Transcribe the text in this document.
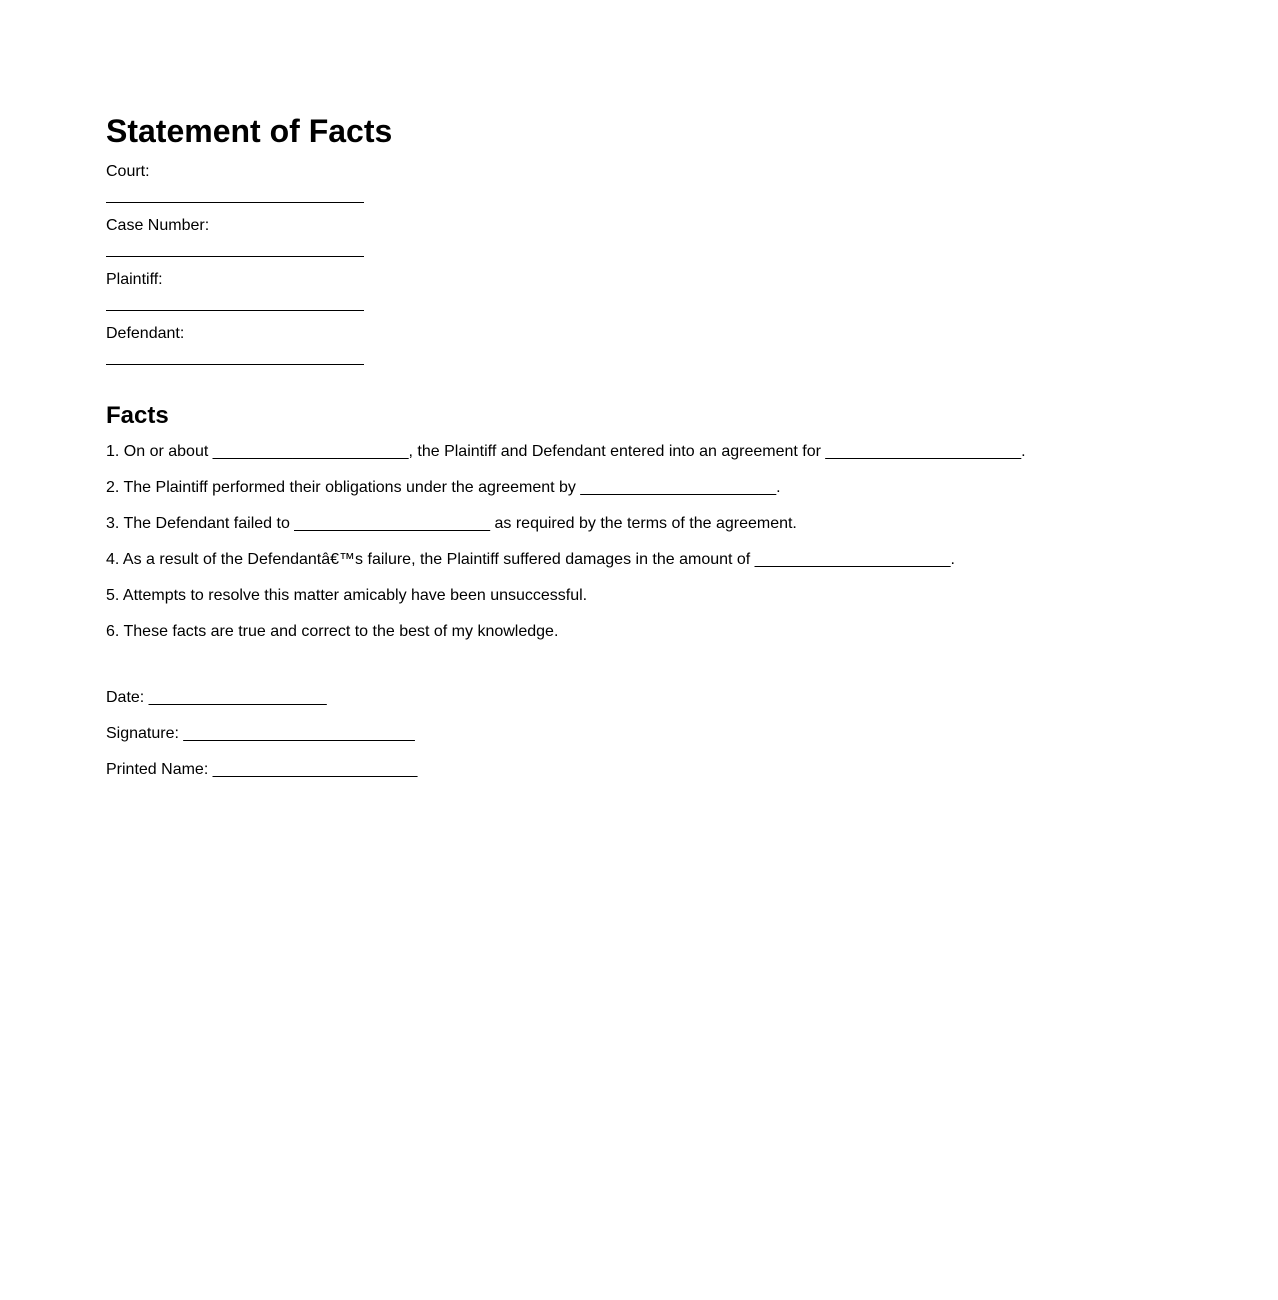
Statement of Facts
Court:
Case Number:
Plaintiff:
Defendant:
Facts
1. On or about ______________________, the Plaintiff and Defendant entered into an agreement for ______________________.
2. The Plaintiff performed their obligations under the agreement by ______________________.
3. The Defendant failed to ______________________ as required by the terms of the agreement.
4. As a result of the Defendantâ€™s failure, the Plaintiff suffered damages in the amount of ______________________.
5. Attempts to resolve this matter amicably have been unsuccessful.
6. These facts are true and correct to the best of my knowledge.
Date: ____________________
Signature: __________________________
Printed Name: _______________________
